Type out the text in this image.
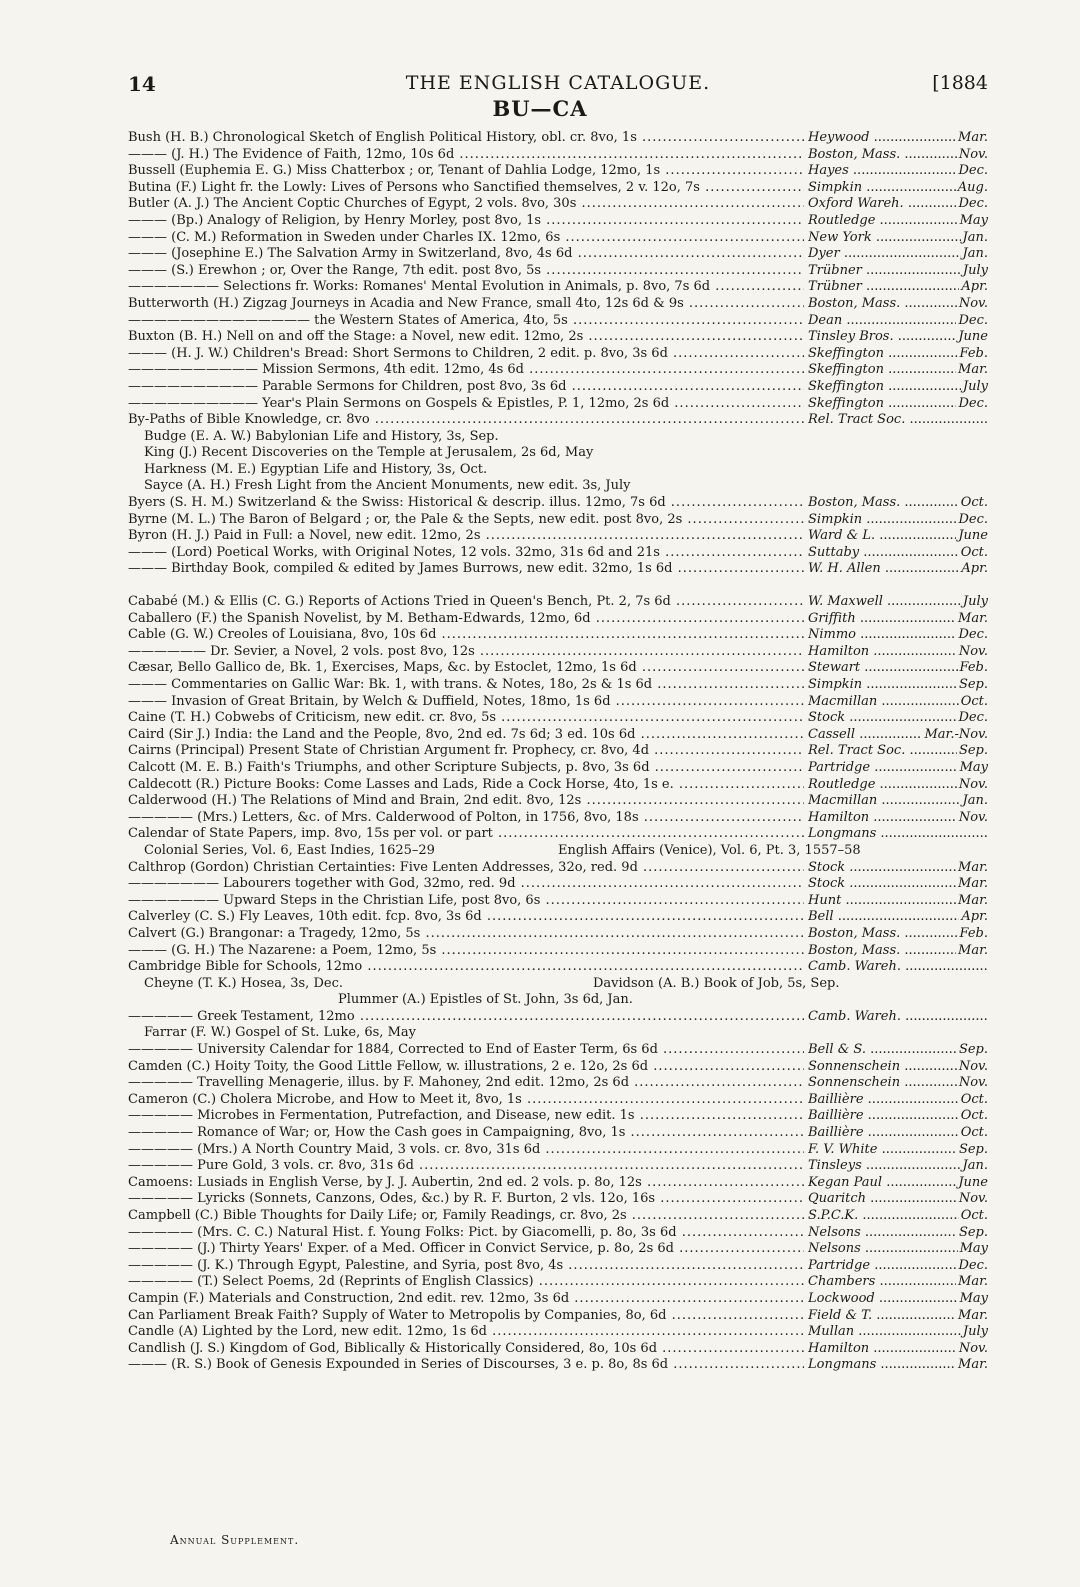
14	THE ENGLISH CATALOGUE.	[1884
BU—CA
Bush (H. B.) Chronological Sketch of English Political History, obl. cr. 8vo, 1s .....	Heywood .....	Mar.
——— (J. H.) The Evidence of Faith, 12mo, 10s 6d .....	Boston, Mass. .....	Nov.
Bussell (Euphemia E. G.) Miss Chatterbox ; or, Tenant of Dahlia Lodge, 12mo, 1s .....	Hayes .....	Dec.
Butina (F.) Light fr. the Lowly: Lives of Persons who Sanctified themselves, 2 v. 12o, 7s .....	Simpkin .....	Aug.
Butler (A. J.) The Ancient Coptic Churches of Egypt, 2 vols. 8vo, 30s .....	Oxford Wareh. .....	Dec.
——— (Bp.) Analogy of Religion, by Henry Morley, post 8vo, 1s .....	Routledge .....	May
——— (C. M.) Reformation in Sweden under Charles IX. 12mo, 6s .....	New York .....	Jan.
——— (Josephine E.) The Salvation Army in Switzerland, 8vo, 4s 6d .....	Dyer .....	Jan.
——— (S.) Erewhon ; or, Over the Range, 7th edit. post 8vo, 5s .....	Trübner .....	July
——————— Selections fr. Works: Romanes' Mental Evolution in Animals, p. 8vo, 7s 6d .....	Trübner .....	Apr.
Butterworth (H.) Zigzag Journeys in Acadia and New France, small 4to, 12s 6d & 9s .....	Boston, Mass. .....	Nov.
—————————————— the Western States of America, 4to, 5s .....	Dean .....	Dec.
Buxton (B. H.) Nell on and off the Stage: a Novel, new edit. 12mo, 2s .....	Tinsley Bros. .....	June
——— (H. J. W.) Children's Bread: Short Sermons to Children, 2 edit. p. 8vo, 3s 6d .....	Skeffington .....	Feb.
—————————— Mission Sermons, 4th edit. 12mo, 4s 6d .....	Skeffington .....	Mar.
—————————— Parable Sermons for Children, post 8vo, 3s 6d .....	Skeffington .....	July
—————————— Year's Plain Sermons on Gospels & Epistles, P. 1, 12mo, 2s 6d .....	Skeffington .....	Dec.
By-Paths of Bible Knowledge, cr. 8vo .....	Rel. Tract Soc. .....
Budge (E. A. W.) Babylonian Life and History, 3s, Sep.
King (J.) Recent Discoveries on the Temple at Jerusalem, 2s 6d, May
Harkness (M. E.) Egyptian Life and History, 3s, Oct.
Sayce (A. H.) Fresh Light from the Ancient Monuments, new edit. 3s, July
Byers (S. H. M.) Switzerland & the Swiss: Historical & descrip. illus. 12mo, 7s 6d .....	Boston, Mass. .....	Oct.
Byrne (M. L.) The Baron of Belgard ; or, the Pale & the Septs, new edit. post 8vo, 2s .....	Simpkin .....	Dec.
Byron (H. J.) Paid in Full: a Novel, new edit. 12mo, 2s .....	Ward & L. .....	June
——— (Lord) Poetical Works, with Original Notes, 12 vols. 32mo, 31s 6d and 21s .....	Suttaby .....	Oct.
——— Birthday Book, compiled & edited by James Burrows, new edit. 32mo, 1s 6d .....	W. H. Allen .....	Apr.
Cababé (M.) & Ellis (C. G.) Reports of Actions Tried in Queen's Bench, Pt. 2, 7s 6d .....	W. Maxwell .....	July
Caballero (F.) the Spanish Novelist, by M. Betham-Edwards, 12mo, 6d .....	Griffith .....	Mar.
Cable (G. W.) Creoles of Louisiana, 8vo, 10s 6d .....	Nimmo .....	Dec.
—————— Dr. Sevier, a Novel, 2 vols. post 8vo, 12s .....	Hamilton .....	Nov.
Cæsar, Bello Gallico de, Bk. 1, Exercises, Maps, &c. by Estoclet, 12mo, 1s 6d .....	Stewart .....	Feb.
——— Commentaries on Gallic War: Bk. 1, with trans. & Notes, 18o, 2s & 1s 6d .....	Simpkin .....	Sep.
——— Invasion of Great Britain, by Welch & Duffield, Notes, 18mo, 1s 6d .....	Macmillan .....	Oct.
Caine (T. H.) Cobwebs of Criticism, new edit. cr. 8vo, 5s .....	Stock .....	Dec.
Caird (Sir J.) India: the Land and the People, 8vo, 2nd ed. 7s 6d; 3 ed. 10s 6d .....	Cassell .....	Mar.-Nov.
Cairns (Principal) Present State of Christian Argument fr. Prophecy, cr. 8vo, 4d .....	Rel. Tract Soc. .....	Sep.
Calcott (M. E. B.) Faith's Triumphs, and other Scripture Subjects, p. 8vo, 3s 6d .....	Partridge .....	May
Caldecott (R.) Picture Books: Come Lasses and Lads, Ride a Cock Horse, 4to, 1s e. .....	Routledge .....	Nov.
Calderwood (H.) The Relations of Mind and Brain, 2nd edit. 8vo, 12s .....	Macmillan .....	Jan.
————— (Mrs.) Letters, &c. of Mrs. Calderwood of Polton, in 1756, 8vo, 18s .....	Hamilton .....	Nov.
Calendar of State Papers, imp. 8vo, 15s per vol. or part .....	Longmans .....
Colonial Series, Vol. 6, East Indies, 1625–29	English Affairs (Venice), Vol. 6, Pt. 3, 1557–58
Calthrop (Gordon) Christian Certainties: Five Lenten Addresses, 32o, red. 9d .....	Stock .....	Mar.
——————— Labourers together with God, 32mo, red. 9d .....	Stock .....	Mar.
——————— Upward Steps in the Christian Life, post 8vo, 6s .....	Hunt .....	Mar.
Calverley (C. S.) Fly Leaves, 10th edit. fcp. 8vo, 3s 6d .....	Bell .....	Apr.
Calvert (G.) Brangonar: a Tragedy, 12mo, 5s .....	Boston, Mass. .....	Feb.
——— (G. H.) The Nazarene: a Poem, 12mo, 5s .....	Boston, Mass. .....	Mar.
Cambridge Bible for Schools, 12mo .....	Camb. Wareh. .....
Cheyne (T. K.) Hosea, 3s, Dec.	Davidson (A. B.) Book of Job, 5s, Sep.
Plummer (A.) Epistles of St. John, 3s 6d, Jan.
————— Greek Testament, 12mo .....	Camb. Wareh. .....
Farrar (F. W.) Gospel of St. Luke, 6s, May
————— University Calendar for 1884, Corrected to End of Easter Term, 6s 6d .....	Bell & S. .....	Sep.
Camden (C.) Hoity Toity, the Good Little Fellow, w. illustrations, 2 e. 12o, 2s 6d .....	Sonnenschein .....	Nov.
————— Travelling Menagerie, illus. by F. Mahoney, 2nd edit. 12mo, 2s 6d .....	Sonnenschein .....	Nov.
Cameron (C.) Cholera Microbe, and How to Meet it, 8vo, 1s .....	Baillière .....	Oct.
————— Microbes in Fermentation, Putrefaction, and Disease, new edit. 1s .....	Baillière .....	Oct.
————— Romance of War; or, How the Cash goes in Campaigning, 8vo, 1s .....	Baillière .....	Oct.
————— (Mrs.) A North Country Maid, 3 vols. cr. 8vo, 31s 6d .....	F. V. White .....	Sep.
————— Pure Gold, 3 vols. cr. 8vo, 31s 6d .....	Tinsleys .....	Jan.
Camoens: Lusiads in English Verse, by J. J. Aubertin, 2nd ed. 2 vols. p. 8o, 12s .....	Kegan Paul .....	June
————— Lyricks (Sonnets, Canzons, Odes, &c.) by R. F. Burton, 2 vls. 12o, 16s .....	Quaritch .....	Nov.
Campbell (C.) Bible Thoughts for Daily Life; or, Family Readings, cr. 8vo, 2s .....	S.P.C.K. .....	Oct.
————— (Mrs. C. C.) Natural Hist. f. Young Folks: Pict. by Giacomelli, p. 8o, 3s 6d .....	Nelsons .....	Sep.
————— (J.) Thirty Years' Exper. of a Med. Officer in Convict Service, p. 8o, 2s 6d .....	Nelsons .....	May
————— (J. K.) Through Egypt, Palestine, and Syria, post 8vo, 4s .....	Partridge .....	Dec.
————— (T.) Select Poems, 2d (Reprints of English Classics) .....	Chambers .....	Mar.
Campin (F.) Materials and Construction, 2nd edit. rev. 12mo, 3s 6d .....	Lockwood .....	May
Can Parliament Break Faith? Supply of Water to Metropolis by Companies, 8o, 6d .....	Field & T. .....	Mar.
Candle (A) Lighted by the Lord, new edit. 12mo, 1s 6d .....	Mullan .....	July
Candlish (J. S.) Kingdom of God, Biblically & Historically Considered, 8o, 10s 6d .....	Hamilton .....	Nov.
——— (R. S.) Book of Genesis Expounded in Series of Discourses, 3 e. p. 8o, 8s 6d .....	Longmans .....	Mar.
Annual Supplement.
